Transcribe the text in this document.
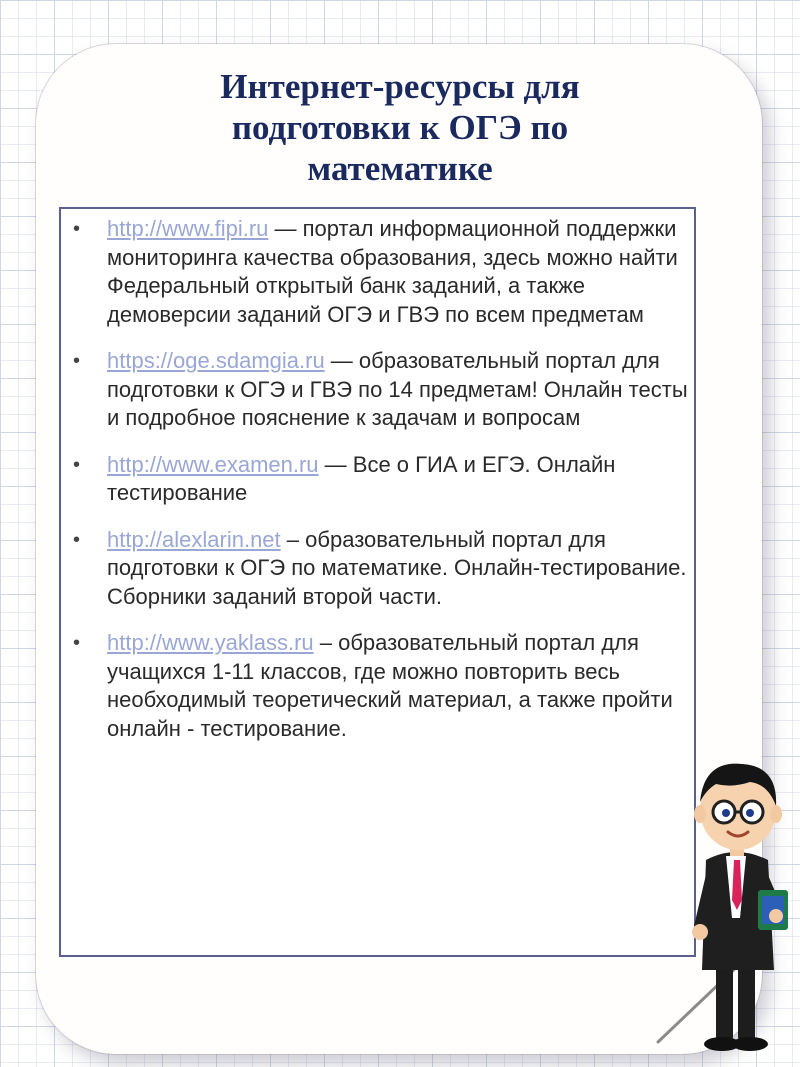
Интернет-ресурсы для
подготовки к ОГЭ по
математике
• http://www.fipi.ru — портал информационной поддержки мониторинга качества образования, здесь можно найти Федеральный открытый банк заданий, а также демоверсии заданий ОГЭ и ГВЭ по всем предметам
• https://oge.sdamgia.ru — образовательный портал для подготовки к ОГЭ и ГВЭ по 14 предметам! Онлайн тесты и подробное пояснение к задачам и вопросам
• http://www.examen.ru — Все о ГИА и ЕГЭ. Онлайн тестирование
• http://alexlarin.net – образовательный портал для подготовки к ОГЭ по математике. Онлайн-тестирование. Сборники заданий второй части.
• http://www.yaklass.ru – образовательный портал для учащихся 1-11 классов, где можно повторить весь необходимый теоретический материал, а также пройти онлайн - тестирование.
